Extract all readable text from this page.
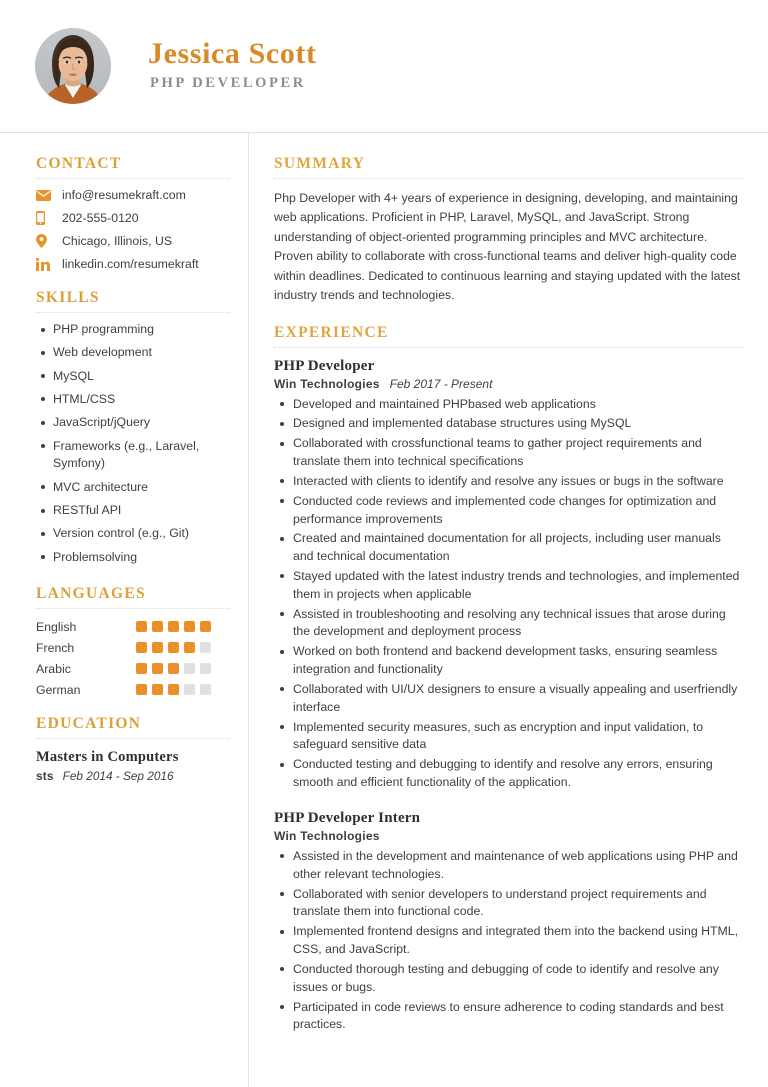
Jessica Scott
PHP DEVELOPER
CONTACT
info@resumekraft.com
202-555-0120
Chicago, Illinois, US
linkedin.com/resumekraft
SKILLS
PHP programming
Web development
MySQL
HTML/CSS
JavaScript/jQuery
Frameworks (e.g., Laravel, Symfony)
MVC architecture
RESTful API
Version control (e.g., Git)
Problemsolving
LANGUAGES
English
French
Arabic
German
EDUCATION
Masters in Computers
sts Feb 2014 - Sep 2016
SUMMARY

Php Developer with 4+ years of experience in designing, developing, and maintaining web applications. Proficient in PHP, Laravel, MySQL, and JavaScript. Strong understanding of object-oriented programming principles and MVC architecture. Proven ability to collaborate with cross-functional teams and deliver high-quality code within deadlines. Dedicated to continuous learning and staying updated with the latest industry trends and technologies.

EXPERIENCE
PHP Developer
Win Technologies Feb 2017 - Present
Developed and maintained PHPbased web applications
Designed and implemented database structures using MySQL
Collaborated with crossfunctional teams to gather project requirements and translate them into technical specifications
Interacted with clients to identify and resolve any issues or bugs in the software
Conducted code reviews and implemented code changes for optimization and performance improvements
Created and maintained documentation for all projects, including user manuals and technical documentation
Stayed updated with the latest industry trends and technologies, and implemented them in projects when applicable
Assisted in troubleshooting and resolving any technical issues that arose during the development and deployment process
Worked on both frontend and backend development tasks, ensuring seamless integration and functionality
Collaborated with UI/UX designers to ensure a visually appealing and userfriendly interface
Implemented security measures, such as encryption and input validation, to safeguard sensitive data
Conducted testing and debugging to identify and resolve any errors, ensuring smooth and efficient functionality of the application.
PHP Developer Intern
Win Technologies
Assisted in the development and maintenance of web applications using PHP and other relevant technologies.
Collaborated with senior developers to understand project requirements and translate them into functional code.
Implemented frontend designs and integrated them into the backend using HTML, CSS, and JavaScript.
Conducted thorough testing and debugging of code to identify and resolve any issues or bugs.
Participated in code reviews to ensure adherence to coding standards and best practices.
